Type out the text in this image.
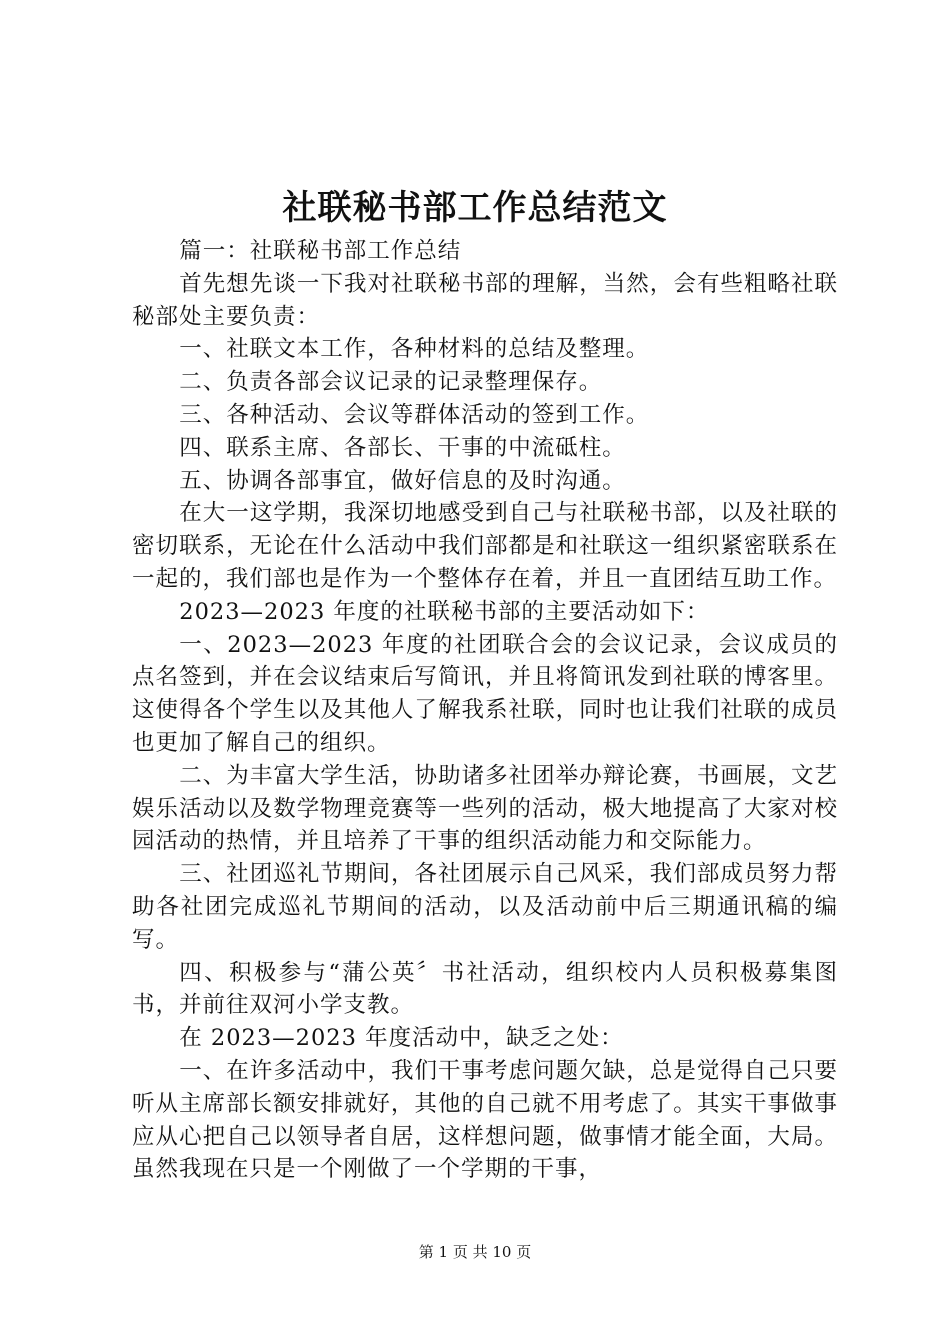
社联秘书部工作总结范文

篇一：社联秘书部工作总结

首先想先谈一下我对社联秘书部的理解，当然，会有些粗略社联秘部处主要负责：

一、社联文本工作，各种材料的总结及整理。

二、负责各部会议记录的记录整理保存。

三、各种活动、会议等群体活动的签到工作。

四、联系主席、各部长、干事的中流砥柱。

五、协调各部事宜，做好信息的及时沟通。

在大一这学期，我深切地感受到自己与社联秘书部，以及社联的密切联系，无论在什么活动中我们部都是和社联这一组织紧密联系在一起的，我们部也是作为一个整体存在着，并且一直团结互助工作。

2023—2023 年度的社联秘书部的主要活动如下：

一、2023—2023 年度的社团联合会的会议记录，会议成员的点名签到，并在会议结束后写简讯，并且将简讯发到社联的博客里。这使得各个学生以及其他人了解我系社联，同时也让我们社联的成员也更加了解自己的组织。

二、为丰富大学生活，协助诸多社团举办辩论赛，书画展，文艺娱乐活动以及数学物理竞赛等一些列的活动，极大地提高了大家对校园活动的热情，并且培养了干事的组织活动能力和交际能力。

三、社团巡礼节期间，各社团展示自己风采，我们部成员努力帮助各社团完成巡礼节期间的活动，以及活动前中后三期通讯稿的编写。

四、积极参与“蒲公英〞书社活动，组织校内人员积极募集图书，并前往双河小学支教。

在 2023—2023 年度活动中，缺乏之处：

一、在许多活动中，我们干事考虑问题欠缺，总是觉得自己只要听从主席部长额安排就好，其他的自己就不用考虑了。其实干事做事应从心把自己以领导者自居，这样想问题，做事情才能全面，大局。虽然我现在只是一个刚做了一个学期的干事，

第 1 页 共 10 页
